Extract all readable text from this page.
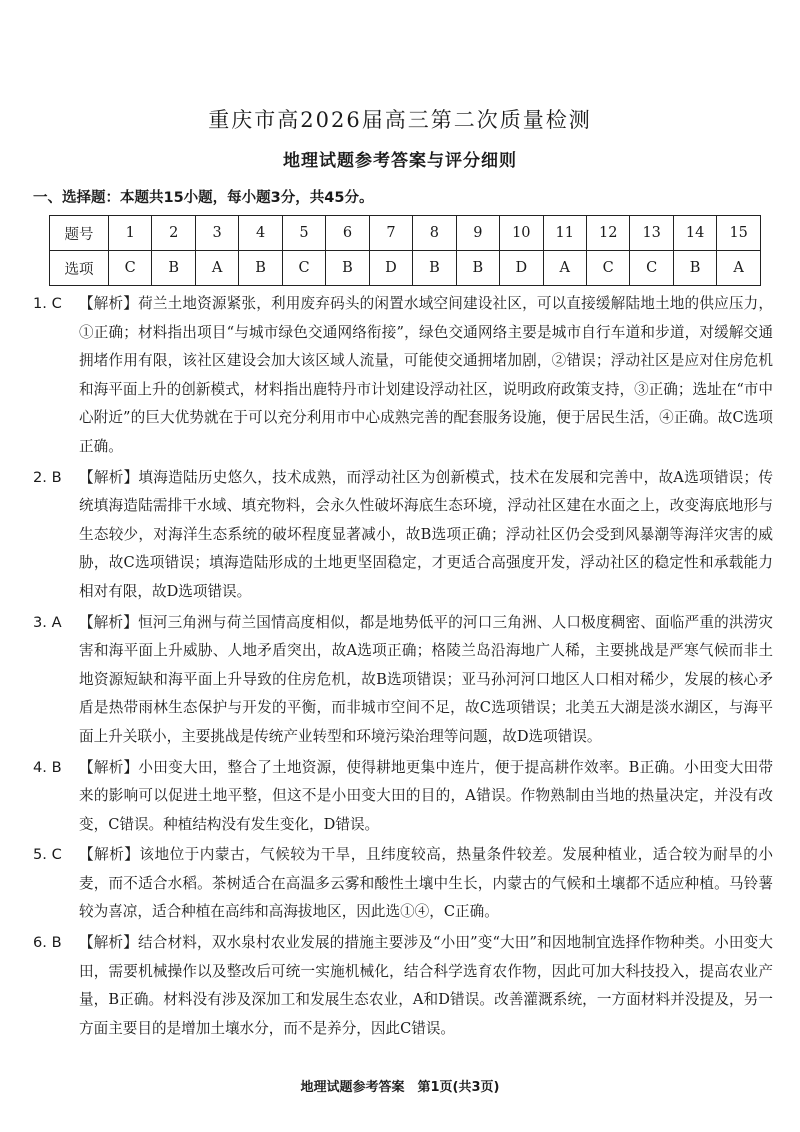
重庆市高2026届高三第二次质量检测
地理试题参考答案与评分细则
一、选择题：本题共15小题，每小题3分，共45分。
题号	1	2	3	4	5	6	7	8	9	10	11	12	13	14	15
选项	C	B	A	B	C	B	D	B	B	D	A	C	C	B	A
1. C	【解析】荷兰土地资源紧张，利用废弃码头的闲置水域空间建设社区，可以直接缓解陆地土地的供应压力，①正确；材料指出项目“与城市绿色交通网络衔接”，绿色交通网络主要是城市自行车道和步道，对缓解交通拥堵作用有限，该社区建设会加大该区域人流量，可能使交通拥堵加剧，②错误；浮动社区是应对住房危机和海平面上升的创新模式，材料指出鹿特丹市计划建设浮动社区，说明政府政策支持，③正确；选址在“市中心附近”的巨大优势就在于可以充分利用市中心成熟完善的配套服务设施，便于居民生活，④正确。故C选项正确。
2. B	【解析】填海造陆历史悠久，技术成熟，而浮动社区为创新模式，技术在发展和完善中，故A选项错误；传统填海造陆需排干水域、填充物料，会永久性破坏海底生态环境，浮动社区建在水面之上，改变海底地形与生态较少，对海洋生态系统的破坏程度显著减小，故B选项正确；浮动社区仍会受到风暴潮等海洋灾害的威胁，故C选项错误；填海造陆形成的土地更坚固稳定，才更适合高强度开发，浮动社区的稳定性和承载能力相对有限，故D选项错误。
3. A	【解析】恒河三角洲与荷兰国情高度相似，都是地势低平的河口三角洲、人口极度稠密、面临严重的洪涝灾害和海平面上升威胁、人地矛盾突出，故A选项正确；格陵兰岛沿海地广人稀，主要挑战是严寒气候而非土地资源短缺和海平面上升导致的住房危机，故B选项错误；亚马孙河河口地区人口相对稀少，发展的核心矛盾是热带雨林生态保护与开发的平衡，而非城市空间不足，故C选项错误；北美五大湖是淡水湖区，与海平面上升关联小，主要挑战是传统产业转型和环境污染治理等问题，故D选项错误。
4. B	【解析】小田变大田，整合了土地资源，使得耕地更集中连片，便于提高耕作效率。B正确。小田变大田带来的影响可以促进土地平整，但这不是小田变大田的目的，A错误。作物熟制由当地的热量决定，并没有改变，C错误。种植结构没有发生变化，D错误。
5. C	【解析】该地位于内蒙古，气候较为干旱，且纬度较高，热量条件较差。发展种植业，适合较为耐旱的小麦，而不适合水稻。茶树适合在高温多云雾和酸性土壤中生长，内蒙古的气候和土壤都不适应种植。马铃薯较为喜凉，适合种植在高纬和高海拔地区，因此选①④，C正确。
6. B	【解析】结合材料，双水泉村农业发展的措施主要涉及“小田”变“大田”和因地制宜选择作物种类。小田变大田，需要机械操作以及整改后可统一实施机械化，结合科学选育农作物，因此可加大科技投入，提高农业产量，B正确。材料没有涉及深加工和发展生态农业，A和D错误。改善灌溉系统，一方面材料并没提及，另一方面主要目的是增加土壤水分，而不是养分，因此C错误。
地理试题参考答案　第1页(共3页)
